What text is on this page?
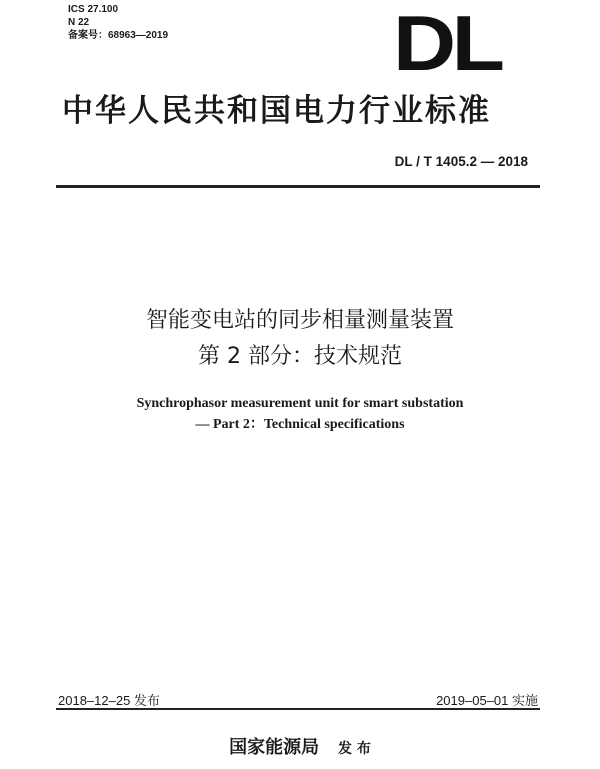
ICS 27.100
N 22
备案号：68963—2019	DL
中华人民共和国电力行业标准
DL / T 1405.2 — 2018
智能变电站的同步相量测量装置
第 2 部分：技术规范
Synchrophasor measurement unit for smart substation
— Part 2：Technical specifications
2018–12–25 发布	2019–05–01 实施
国家能源局 发 布
